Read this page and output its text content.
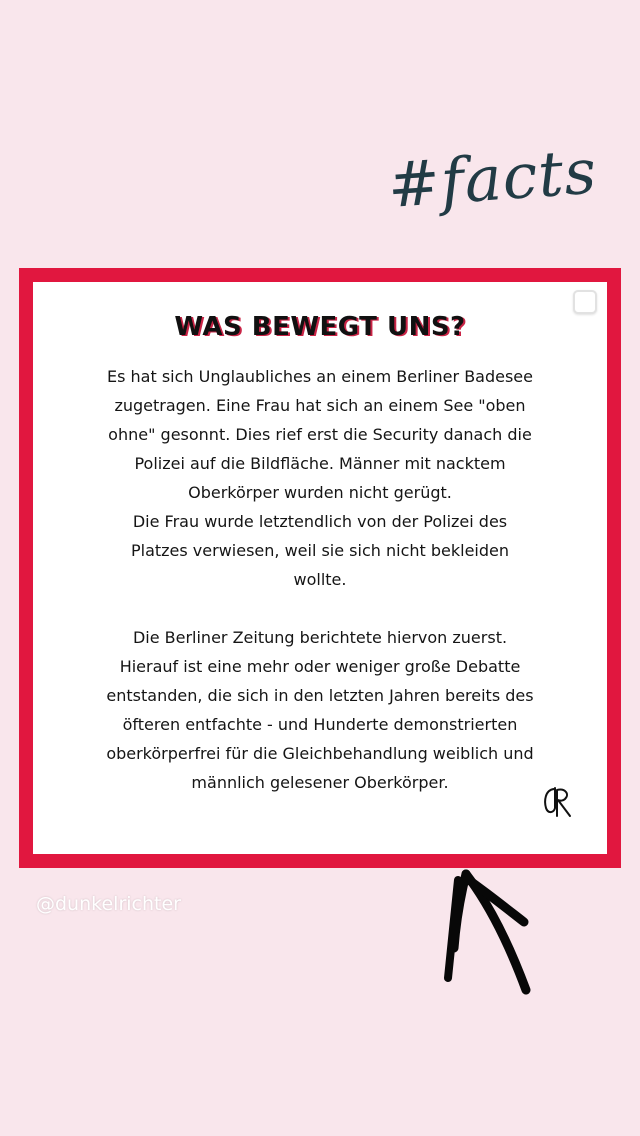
#facts
WAS BEWEGT UNS?

Es hat sich Unglaubliches an einem Berliner Badesee
zugetragen. Eine Frau hat sich an einem See "oben
ohne" gesonnt. Dies rief erst die Security danach die
Polizei auf die Bildfläche. Männer mit nacktem
Oberkörper wurden nicht gerügt.
Die Frau wurde letztendlich von der Polizei des
Platzes verwiesen, weil sie sich nicht bekleiden
wollte.

Die Berliner Zeitung berichtete hiervon zuerst.
Hierauf ist eine mehr oder weniger große Debatte
entstanden, die sich in den letzten Jahren bereits des
öfteren entfachte - und Hunderte demonstrierten
oberkörperfrei für die Gleichbehandlung weiblich und
männlich gelesener Oberkörper.

@dunkelrichter
